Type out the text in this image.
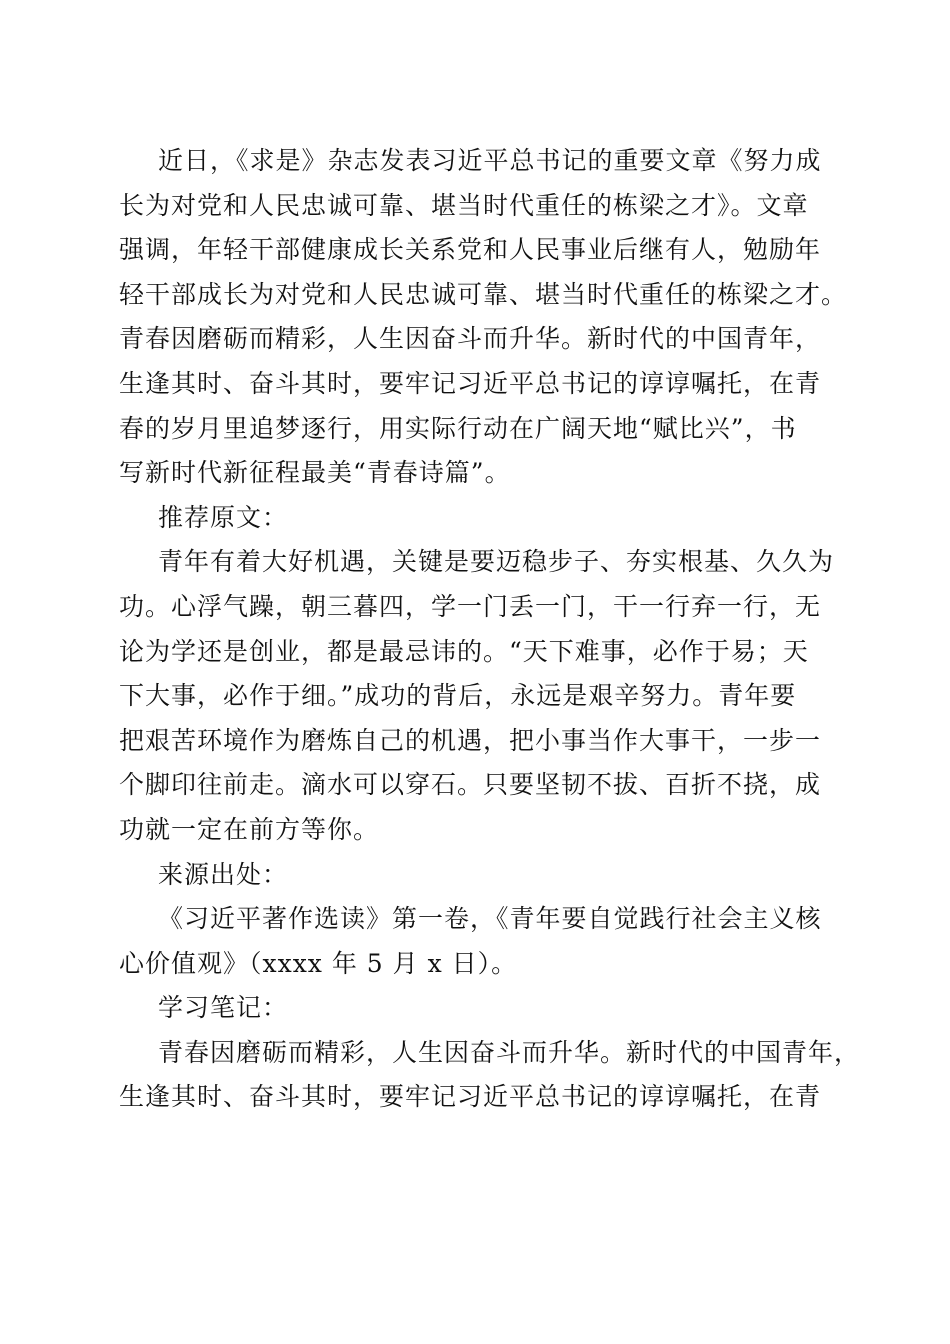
近日，《求是》杂志发表习近平总书记的重要文章《努力成
长为对党和人民忠诚可靠、堪当时代重任的栋梁之才》。文章
强调，年轻干部健康成长关系党和人民事业后继有人，勉励年
轻干部成长为对党和人民忠诚可靠、堪当时代重任的栋梁之才。
青春因磨砺而精彩，人生因奋斗而升华。新时代的中国青年，
生逢其时、奋斗其时，要牢记习近平总书记的谆谆嘱托，在青
春的岁月里追梦逐行，用实际行动在广阔天地“赋比兴”，书
写新时代新征程最美“青春诗篇”。
推荐原文：
青年有着大好机遇，关键是要迈稳步子、夯实根基、久久为
功。心浮气躁，朝三暮四，学一门丢一门，干一行弃一行，无
论为学还是创业，都是最忌讳的。“天下难事，必作于易；天
下大事，必作于细。”成功的背后，永远是艰辛努力。青年要
把艰苦环境作为磨炼自己的机遇，把小事当作大事干，一步一
个脚印往前走。滴水可以穿石。只要坚韧不拔、百折不挠，成
功就一定在前方等你。
来源出处：
《习近平著作选读》第一卷，《青年要自觉践行社会主义核
心价值观》（xxxx 年 5 月 x 日）。
学习笔记：
青春因磨砺而精彩，人生因奋斗而升华。新时代的中国青年，
生逢其时、奋斗其时，要牢记习近平总书记的谆谆嘱托，在青
